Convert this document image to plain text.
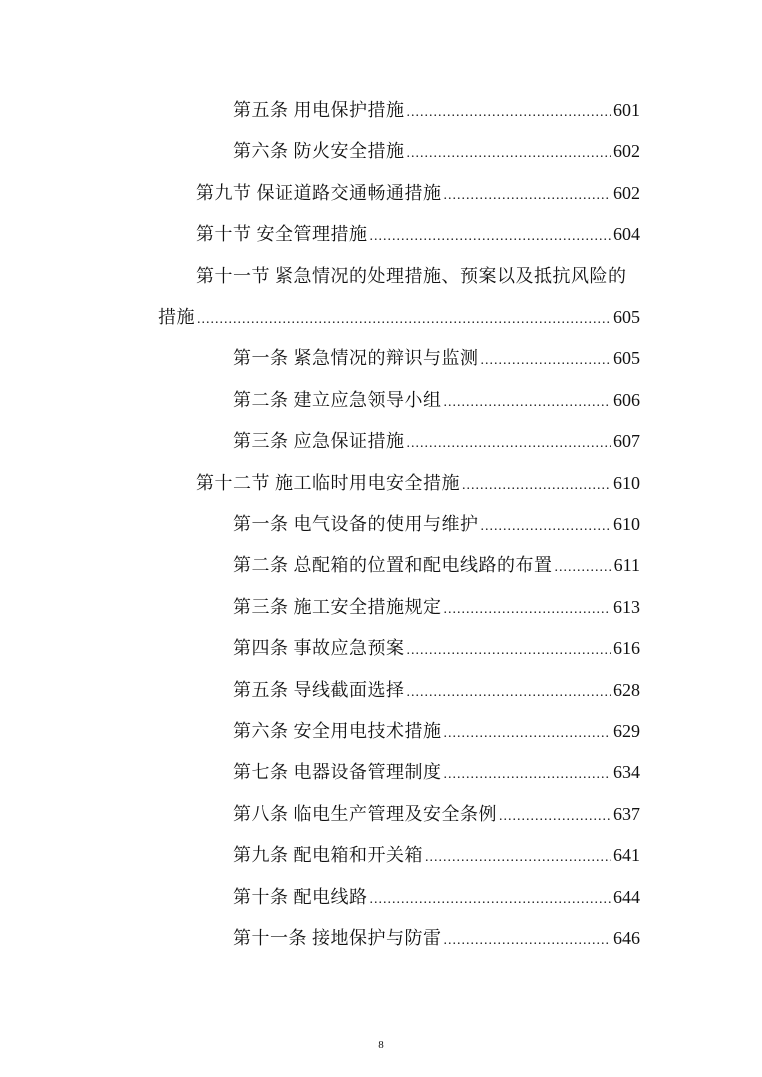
第五条 用电保护措施 .....	601
第六条 防火安全措施 .....	602
第九节 保证道路交通畅通措施 .....	602
第十节 安全管理措施 .....	604
第十一节 紧急情况的处理措施、预案以及抵抗风险的
措施 .....	605
第一条 紧急情况的辩识与监测 .....	605
第二条 建立应急领导小组 .....	606
第三条 应急保证措施 .....	607
第十二节 施工临时用电安全措施 .....	610
第一条 电气设备的使用与维护 .....	610
第二条 总配箱的位置和配电线路的布置 .....	611
第三条 施工安全措施规定 .....	613
第四条 事故应急预案 .....	616
第五条 导线截面选择 .....	628
第六条 安全用电技术措施 .....	629
第七条 电器设备管理制度 .....	634
第八条 临电生产管理及安全条例 .....	637
第九条 配电箱和开关箱 .....	641
第十条 配电线路 .....	644
第十一条 接地保护与防雷 .....	646
8
